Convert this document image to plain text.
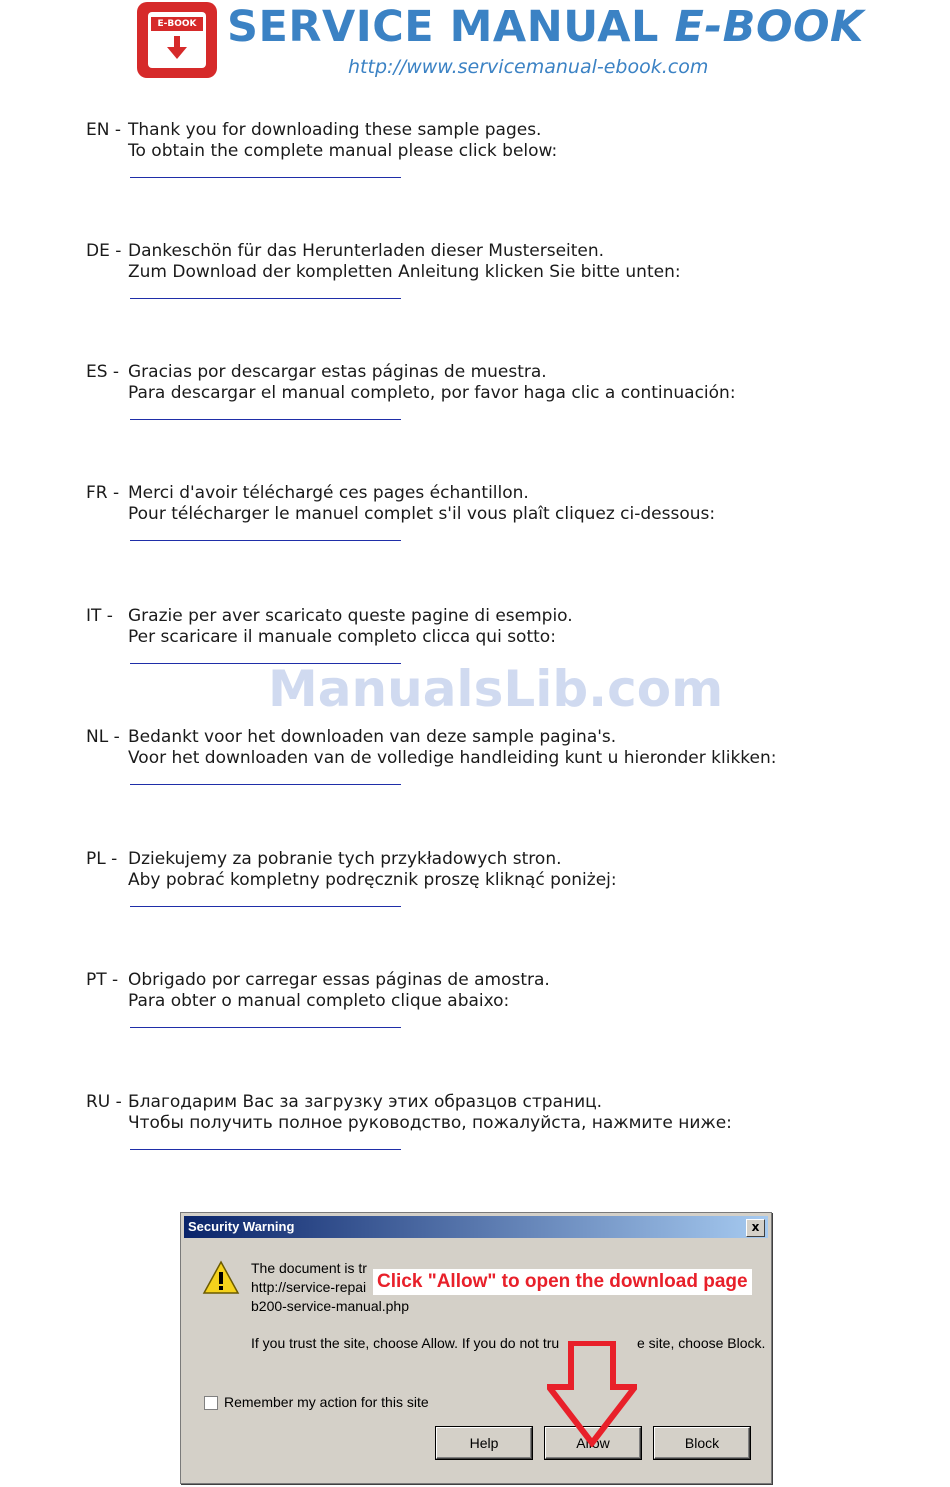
E-BOOK SERVICE MANUAL E-BOOK
http://www.servicemanual-ebook.com
EN - Thank you for downloading these sample pages.
To obtain the complete manual please click below:
DE - Dankeschön für das Herunterladen dieser Musterseiten.
Zum Download der kompletten Anleitung klicken Sie bitte unten:
ES - Gracias por descargar estas páginas de muestra.
Para descargar el manual completo, por favor haga clic a continuación:
FR - Merci d'avoir téléchargé ces pages échantillon.
Pour télécharger le manuel complet s'il vous plaît cliquez ci-dessous:
IT - Grazie per aver scaricato queste pagine di esempio.
Per scaricare il manuale completo clicca qui sotto:
NL - Bedankt voor het downloaden van deze sample pagina's.
Voor het downloaden van de volledige handleiding kunt u hieronder klikken:
PL - Dziekujemy za pobranie tych przykładowych stron.
Aby pobrać kompletny podręcznik proszę kliknąć poniżej:
PT - Obrigado por carregar essas páginas de amostra.
Para obter o manual completo clique abaixo:
RU - Благодарим Вас за загрузку этих образцов страниц.
Чтобы получить полное руководство, пожалуйста, нажмите ниже:
ManualsLib.com
Security Warning	x
The document is tr
http://service-repai
b200-service-manual.php
If you trust the site, choose Allow. If you do not tru	e site, choose Block.
Click "Allow" to open the download page
Remember my action for this site
Help	Allow	Block
